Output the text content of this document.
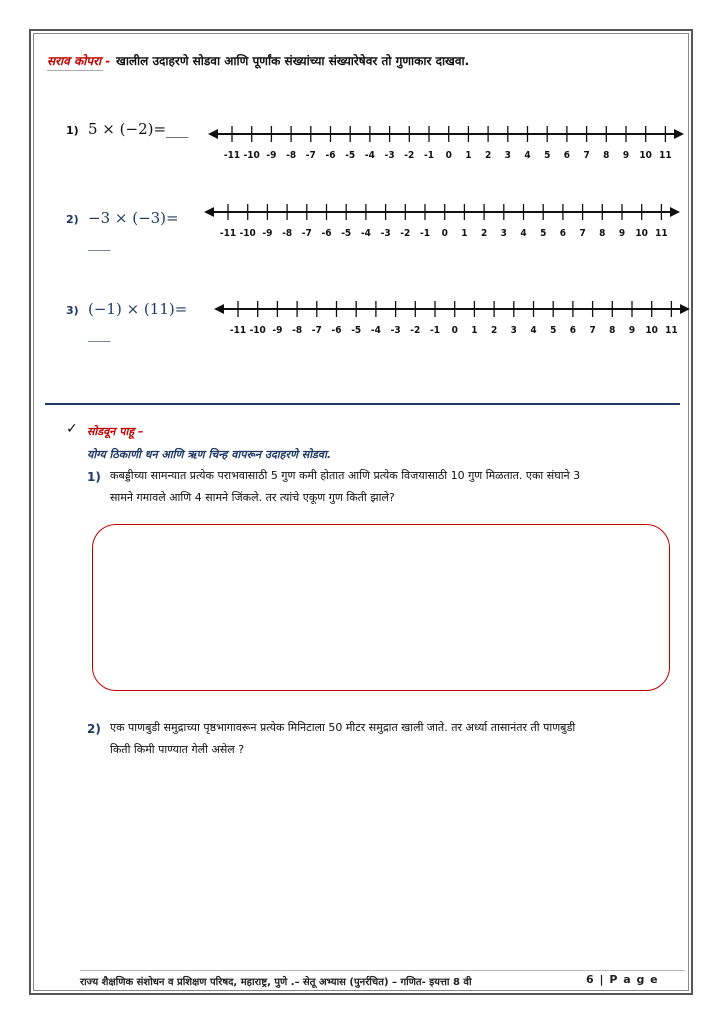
सराव कोपरा - खालील उदाहरणे सोडवा आणि पूर्णांक संख्यांच्या संख्यारेषेवर तो गुणाकार दाखवा.
1) 5 × (−2)= ___
-11 -10 -9 -8 -7 -6 -5 -4 -3 -2 -1 0 1 2 3 4 5 6 7 8 9 10 11
2) −3 × (−3)=
___	-11 -10 -9 -8 -7 -6 -5 -4 -3 -2 -1 0 1 2 3 4 5 6 7 8 9 10 11
3) (−1) × (11)=
___	-11 -10 -9 -8 -7 -6 -5 -4 -3 -2 -1 0 1 2 3 4 5 6 7 8 9 10 11
✓ सोडवून पाहू –
योग्य ठिकाणी धन आणि ऋण चिन्ह वापरून उदाहरणे सोडवा.
1) कबड्डीच्या सामन्यात प्रत्येक पराभवासाठी 5 गुण कमी होतात आणि प्रत्येक विजयासाठी 10 गुण मिळतात. एका संघाने 3
सामने गमावले आणि 4 सामने जिंकले. तर त्यांचे एकूण गुण किती झाले?
2) एक पाणबुडी समुद्राच्या पृष्ठभागावरून प्रत्येक मिनिटाला 50 मीटर समुद्रात खाली जाते. तर अर्ध्या तासानंतर ती पाणबुडी
किती किमी पाण्यात गेली असेल ?
राज्य शैक्षणिक संशोधन व प्रशिक्षण परिषद, महाराष्ट्र, पुणे .– सेतू अभ्यास (पुनर्रचित) – गणित- इयत्ता 8 वी	6 | P a g e
